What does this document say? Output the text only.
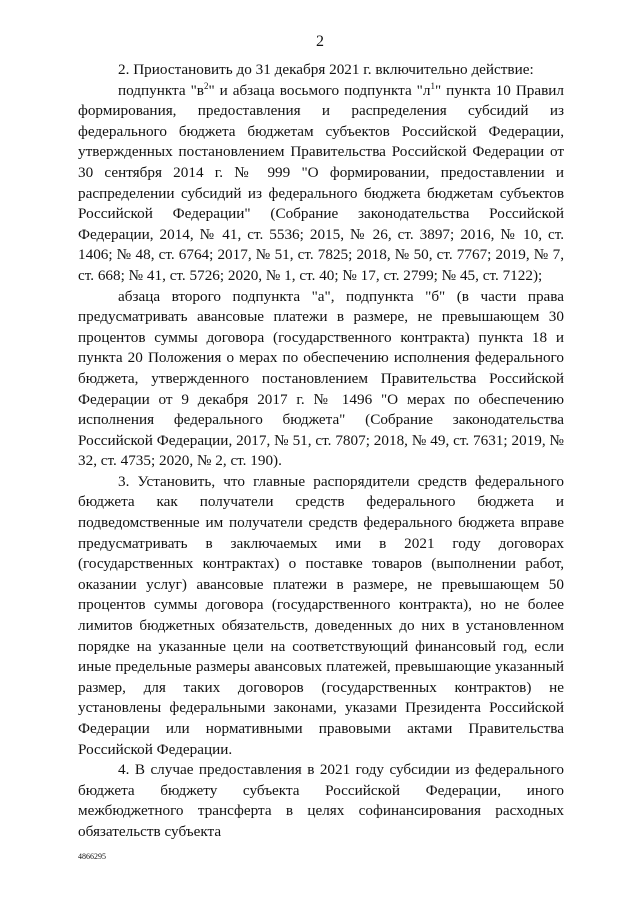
2

2. Приостановить до 31 декабря 2021 г. включительно действие:

подпункта "$в^2$" и абзаца восьмого подпункта "$л^1$" пункта 10 Правил формирования, предоставления и распределения субсидий из федерального бюджета бюджетам субъектов Российской Федерации, утвержденных постановлением Правительства Российской Федерации от 30 сентября 2014 г. № 999 "О формировании, предоставлении и распределении субсидий из федерального бюджета бюджетам субъектов Российской Федерации" (Собрание законодательства Российской Федерации, 2014, № 41, ст. 5536; 2015, № 26, ст. 3897; 2016, № 10, ст. 1406; № 48, ст. 6764; 2017, № 51, ст. 7825; 2018, № 50, ст. 7767; 2019, № 7, ст. 668; № 41, ст. 5726; 2020, № 1, ст. 40; № 17, ст. 2799; № 45, ст. 7122);

абзаца второго подпункта "а", подпункта "б" (в части права предусматривать авансовые платежи в размере, не превышающем 30 процентов суммы договора (государственного контракта) пункта 18 и пункта 20 Положения о мерах по обеспечению исполнения федерального бюджета, утвержденного постановлением Правительства Российской Федерации от 9 декабря 2017 г. № 1496 "О мерах по обеспечению исполнения федерального бюджета" (Собрание законодательства Российской Федерации, 2017, № 51, ст. 7807; 2018, № 49, ст. 7631; 2019, № 32, ст. 4735; 2020, № 2, ст. 190).

3. Установить, что главные распорядители средств федерального бюджета как получатели средств федерального бюджета и подведомственные им получатели средств федерального бюджета вправе предусматривать в заключаемых ими в 2021 году договорах (государственных контрактах) о поставке товаров (выполнении работ, оказании услуг) авансовые платежи в размере, не превышающем 50 процентов суммы договора (государственного контракта), но не более лимитов бюджетных обязательств, доведенных до них в установленном порядке на указанные цели на соответствующий финансовый год, если иные предельные размеры авансовых платежей, превышающие указанный размер, для таких договоров (государственных контрактов) не установлены федеральными законами, указами Президента Российской Федерации или нормативными правовыми актами Правительства Российской Федерации.

4. В случае предоставления в 2021 году субсидии из федерального бюджета бюджету субъекта Российской Федерации, иного межбюджетного трансферта в целях софинансирования расходных обязательств субъекта

4866295
